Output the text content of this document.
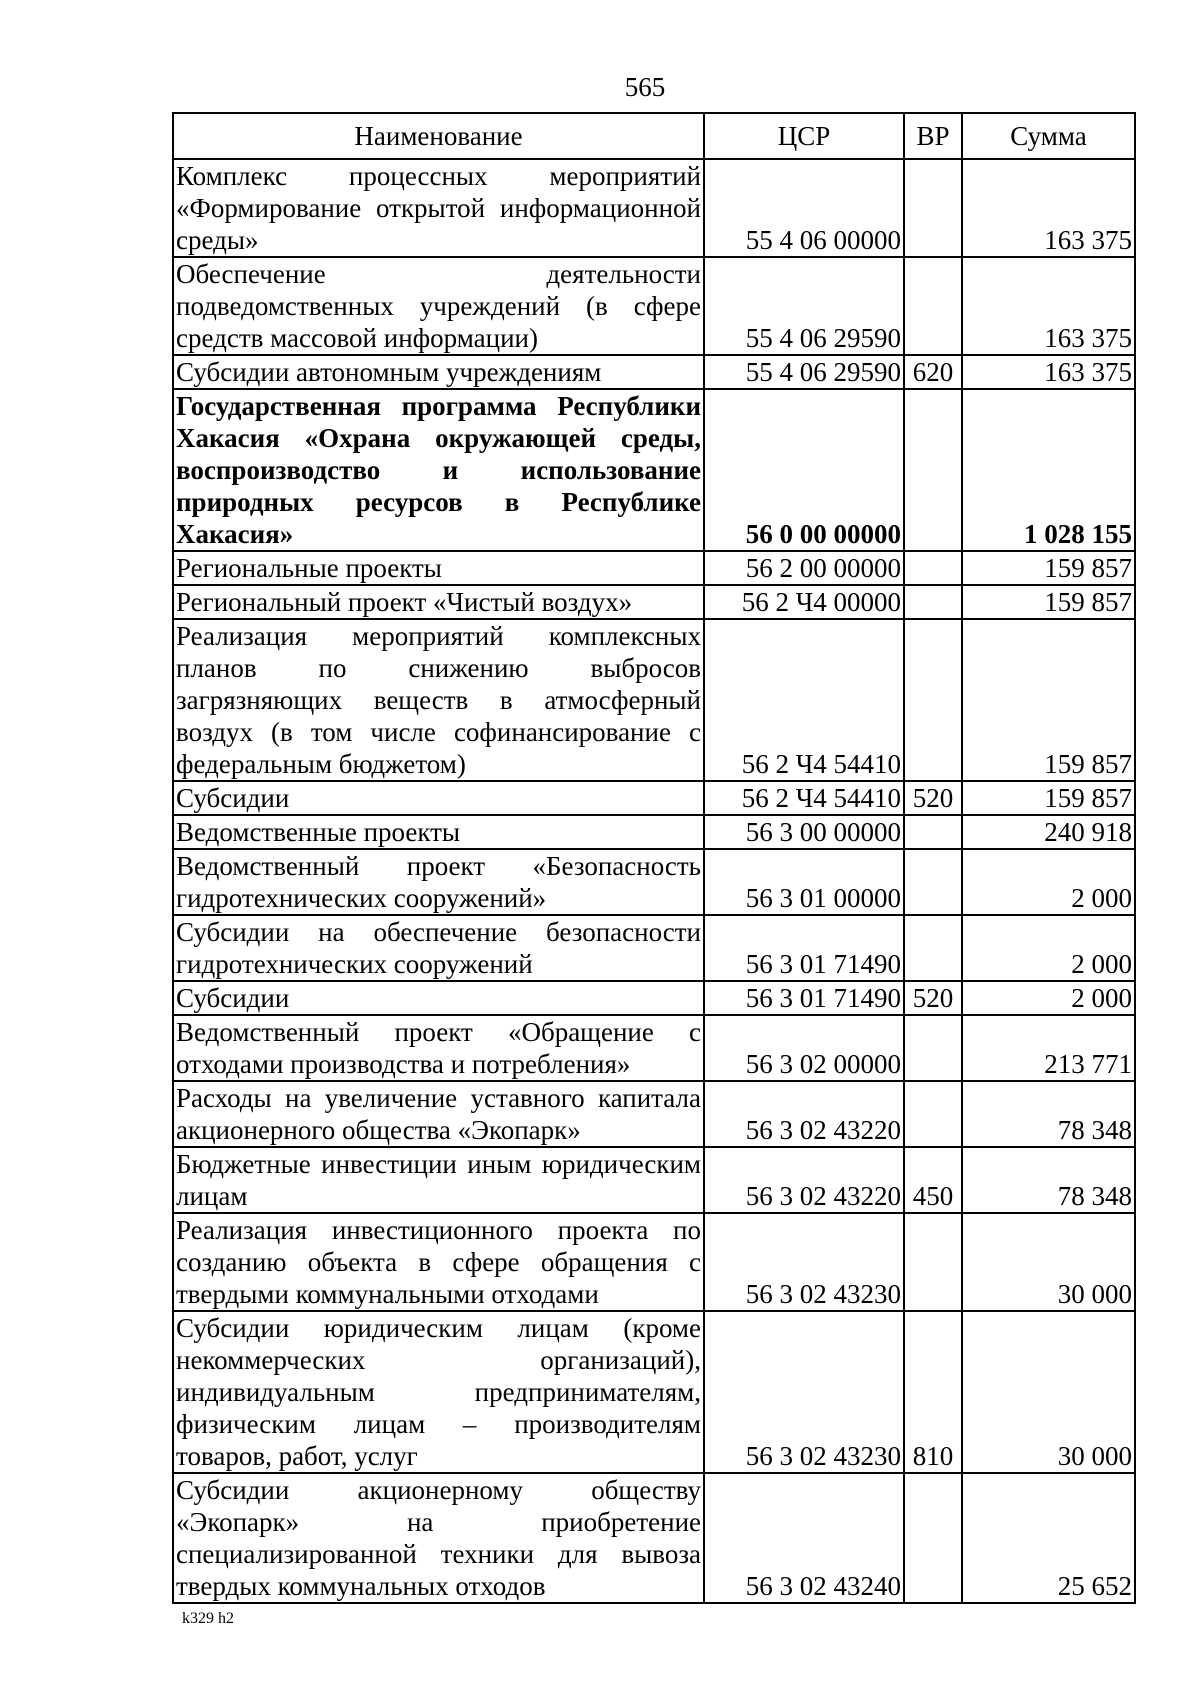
565
Наименование	ЦСР	ВР	Сумма
Комплекс процессных мероприятий «Формирование открытой информационной среды»	55 4 06 00000		163 375
Обеспечение деятельности подведомственных учреждений (в сфере средств массовой информации)	55 4 06 29590		163 375
Субсидии автономным учреждениям	55 4 06 29590	620	163 375
Государственная программа Республики Хакасия «Охрана окружающей среды, воспроизводство и использование природных ресурсов в Республике Хакасия»	56 0 00 00000		1 028 155
Региональные проекты	56 2 00 00000		159 857
Региональный проект «Чистый воздух»	56 2 Ч4 00000		159 857
Реализация мероприятий комплексных планов по снижению выбросов загрязняющих веществ в атмосферный воздух (в том числе софинансирование с федеральным бюджетом)	56 2 Ч4 54410		159 857
Субсидии	56 2 Ч4 54410	520	159 857
Ведомственные проекты	56 3 00 00000		240 918
Ведомственный проект «Безопасность гидротехнических сооружений»	56 3 01 00000		2 000
Субсидии на обеспечение безопасности гидротехнических сооружений	56 3 01 71490		2 000
Субсидии	56 3 01 71490	520	2 000
Ведомственный проект «Обращение с отходами производства и потребления»	56 3 02 00000		213 771
Расходы на увеличение уставного капитала акционерного общества «Экопарк»	56 3 02 43220		78 348
Бюджетные инвестиции иным юридическим лицам	56 3 02 43220	450	78 348
Реализация инвестиционного проекта по созданию объекта в сфере обращения с твердыми коммунальными отходами	56 3 02 43230		30 000
Субсидии юридическим лицам (кроме некоммерческих организаций), индивидуальным предпринимателям, физическим лицам – производителям товаров, работ, услуг	56 3 02 43230	810	30 000
Субсидии акционерному обществу «Экопарк» на приобретение специализированной техники для вывоза твердых коммунальных отходов	56 3 02 43240		25 652
k329 h2
